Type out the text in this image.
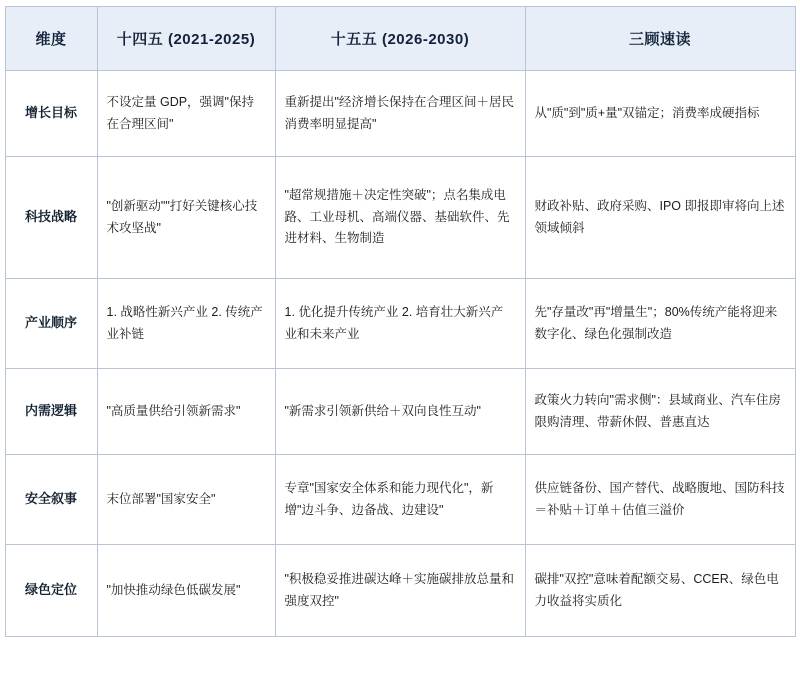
维度	十四五 (2021-2025)	十五五 (2026-2030)	三顾速读
增长目标	不设定量 GDP，强调"保持在合理区间"	重新提出"经济增长保持在合理区间＋居民消费率明显提高"	从"质"到"质+量"双锚定；消费率成硬指标
科技战略	"创新驱动""打好关键核心技术攻坚战"	"超常规措施＋决定性突破"；点名集成电路、工业母机、高端仪器、基础软件、先进材料、生物制造	财政补贴、政府采购、IPO 即报即审将向上述领域倾斜
产业顺序	1. 战略性新兴产业 2. 传统产业补链	1. 优化提升传统产业 2. 培育壮大新兴产业和未来产业	先"存量改"再"增量生"；80%传统产能将迎来数字化、绿色化强制改造
内需逻辑	"高质量供给引领新需求"	"新需求引领新供给＋双向良性互动"	政策火力转向"需求侧"：县域商业、汽车住房限购清理、带薪休假、普惠直达
安全叙事	末位部署"国家安全"	专章"国家安全体系和能力现代化"，新增"边斗争、边备战、边建设"	供应链备份、国产替代、战略腹地、国防科技＝补贴＋订单＋估值三溢价
绿色定位	"加快推动绿色低碳发展"	"积极稳妥推进碳达峰＋实施碳排放总量和强度双控"	碳排"双控"意味着配额交易、CCER、绿色电力收益将实质化
